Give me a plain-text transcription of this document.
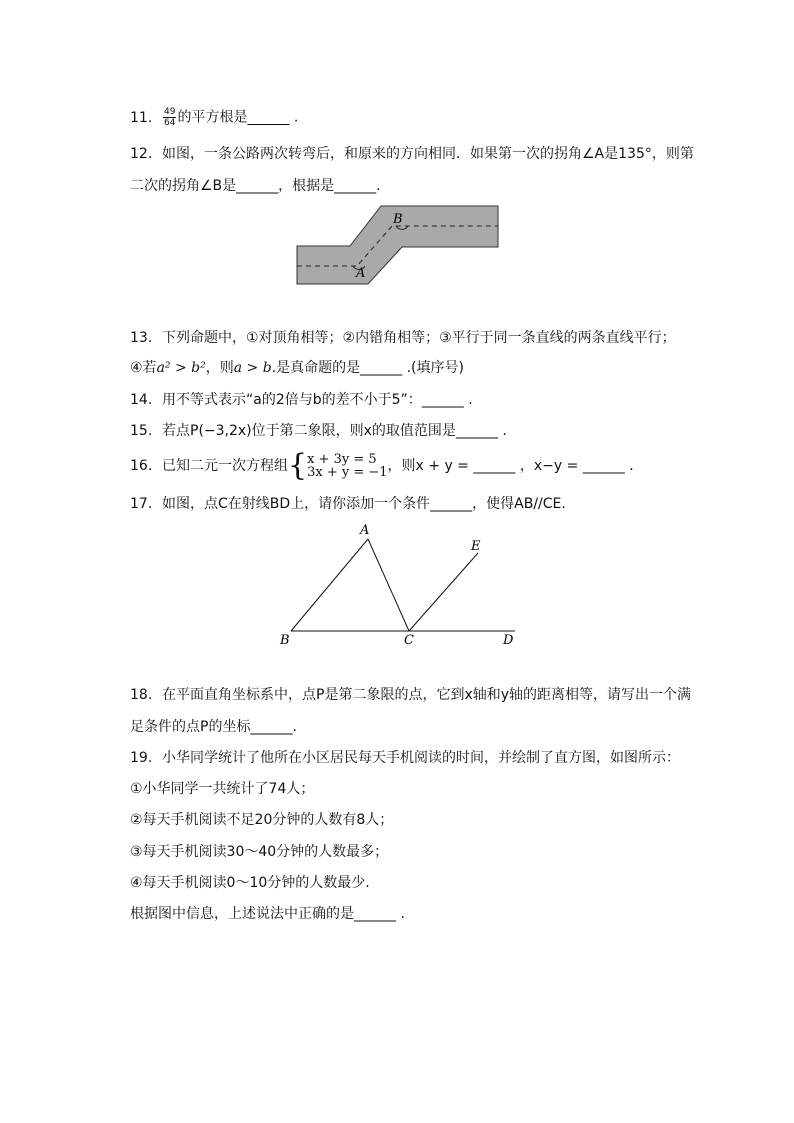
11. $\frac{49}{64}$ 的平方根是______ .
12. 如图，一条公路两次转弯后，和原来的方向相同．如果第一次的拐角∠A是135°，则第
二次的拐角∠B是______，根据是______．
A
B
13. 下列命题中，①对顶角相等；②内错角相等；③平行于同一条直线的两条直线平行；
④若a² > b²，则a > b.是真命题的是______ .(填序号)
14. 用不等式表示“a的2倍与b的差不小于5”：______ .
15. 若点P(−3,2x)位于第二象限，则x的取值范围是______ .
16. 已知二元一次方程组 { x + 3y = 5
3x + y = −1 ，则x + y = ______ ，x−y = ______ .
17. 如图，点C在射线BD上，请你添加一个条件______，使得AB//CE.
A
B	C	D
E
18. 在平面直角坐标系中，点P是第二象限的点，它到x轴和y轴的距离相等，请写出一个满
足条件的点P的坐标______.
19. 小华同学统计了他所在小区居民每天手机阅读的时间，并绘制了直方图，如图所示：
①小华同学一共统计了74人；
②每天手机阅读不足20分钟的人数有8人；
③每天手机阅读30～40分钟的人数最多；
④每天手机阅读0～10分钟的人数最少.
根据图中信息，上述说法中正确的是______ .
